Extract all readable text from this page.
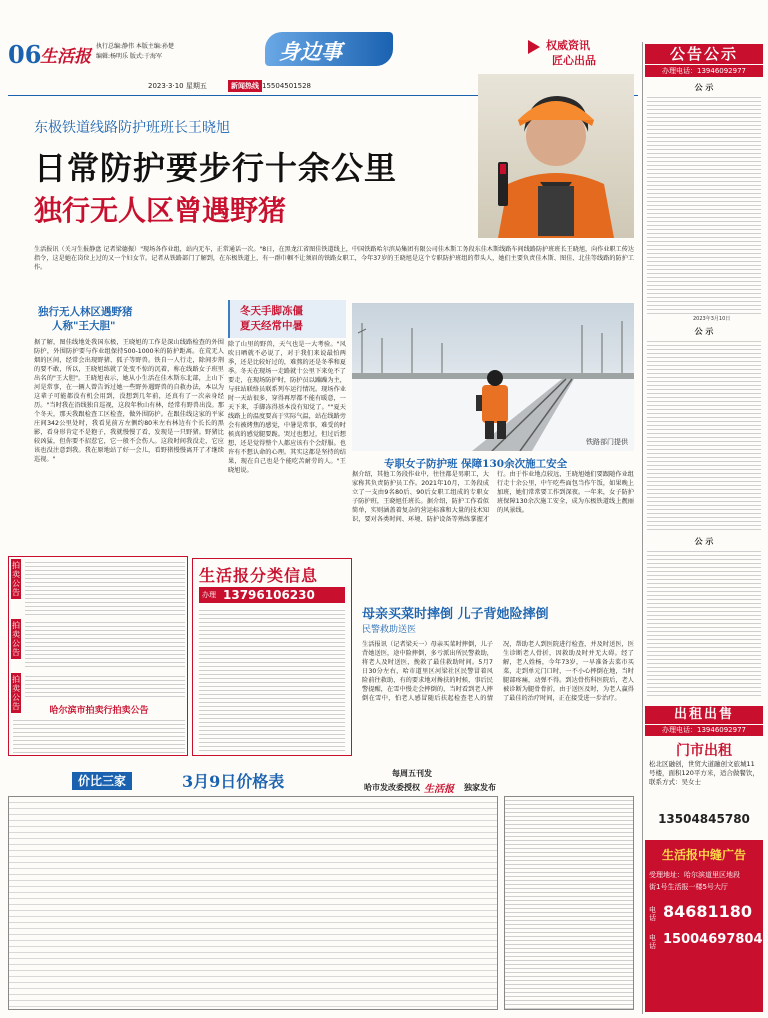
06
生活报
执行总编:静伟 本版主编:孙楚
编辑:杨明乐 版式:于海军	身边事	权威资讯
匠心出品
2023·3·10 星期五	新闻热线 15504501528
东极铁道线路防护班班长王晓旭
日常防护要步行十余公里
独行无人区曾遇野猪
生活报讯（关习生报静盘 记者梁德振）"现场各作业组，站内无车，正常通话一次。"8日，在黑龙江省图佳铁道线上，中国铁路哈尔滨局集团有限公司佳木斯工务段东佳木斯线路车间线路防护班班长王晓旭，向作业职工传达指令，这是她在岗位上过的又一个妇女节。记者从铁路部门了解到，在东极铁道上，有一群巾帼不让须眉的铁路女职工，今年37岁的王晓旭是这个专职防护班组的带头人，她们主要负责佳木斯、图佳、北佳等线路的防护工作。
独行无人林区遇野猪
人称"王大胆"
据了解，图佳线地处我国东极，王晓旭的工作是深山线路检查的外围防护，外围防护要与作业组保持500-1000米的防护距离。在荒无人烟的区间，经常会出现野猪、狐子等野兽。铁自一人行走，除间步荆的要不敢，所以，王晓旭练就了处变不惊的沉着，称在线路女子班里出名的"王大胆"。王晓旭表示，她从小生活在佳木斯东北部，上山下河是常事，在一辆人曾告诉过她一些野外遇野兽的自救办法，本以为这辈子可能都没有机会用到，没想到几年前，还真有了一次亲身经历。"当时我在沿线独自巡视，这段年秋山有林，经常有野兽出没。那个冬天，那天我跟检查工区检查，做外围防护。在跟佳线这家的平家庄间342公里处时，我看见前方左侧约80米左右林边有个长长的黑影，看身形肯定不是狍子，我就慢慢了看，发现是一只野猪。野猪比较凶猛，但你要不招惹它，它一般不会伤人。这段时间我没走，它应该也没注意到我。我在原地站了好一会儿，看野猪慢慢离开了才继续巡视。"
冬天手脚冻僵
夏天经常中暑
除了山里的野兽，天气也是一大考验。"风吹日晒就不必说了，对于我们来说最怕两季，还是比较好过的，难熬的还是冬季和夏季。冬天在现场一走路就十公里下来免不了要走，在现场防护时，防护员以躁躁为主，与驻站联络员联系列车运行情况。现场作业时一天站很多，穿得再厚都不能有暖意，一天下来，手脚冻得基本没有知觉了。""夏天线路上的温度要高于实际气温，站在线路旁会有被烤焦的感觉，中暑是常事，难受的时候真的感觉腿要跪。哭过也想过，但过后想想，还是觉得整个人都应该有个会舒服。也许有不想认命的心理。其实这都是坚持的结果，现在自己也是个能吃苦耐劳的人。"王晓旭说。
铁路部门提供
专职女子防护班 保障130余次施工安全
据介绍，其他工务段作业中，往往都是男职工，大家称其负责防护员工作。2021年10月，工务段成立了一支由9名80后、90后女职工组成的专职女子防护班，王晓旭任班长。据介绍，防护工作看似简单，实则涵盖着复杂的营运标准和大量的技术知识，要对各类时间、环境、防护设备等熟练掌握才行。由于作业地点较远，王晓旭她们要跟随作业组行走十余公里，中午吃些面包当作午饭，如果晚上加班，她们常常要工作到深夜。一年来，女子防护班保障130余次施工安全，成为东极铁道线上靓丽的风景线。
拍卖公告
拍卖公告
拍卖公告	哈尔滨市拍卖行拍卖公告
生活报分类信息
办理 13796106230
母亲买菜时摔倒 儿子背她险摔倒
民警救助送医
生活报讯（记者梁天一）母亲买菜时摔倒，儿子背她送医，途中险摔倒，多亏派出所民警救助，将老人及时送医，挽救了最佳救助时间。5月7日30分左右，哈市道里区河梁社区民警冒着风险前往救助，有的要求地对搀扶的时候，事后民警提醒，在雪中慢走会摔倒的，当时看到老人摔倒在雪中，怕老人感冒随后扶起检查老人的情况，帮助老人到医院进行检查，并及时送医，医生诊断老人骨折，因救助及时并无大碍。经了解，老人姓杨，今年73岁，一早准备去菜市买菜，走到单元门口时，一不小心摔倒在地，当时腿部疼痛，动弹不得。到达骨伤科医院后，老人被诊断为腿骨骨折，由于送医及时，为老人赢得了最佳的治疗时间，正在接受进一步治疗。
价比三家	3月9日价格表	每周五刊发
哈市发改委授权 生活报 独家发布
公告公示
办理电话：13946092977
公 示
2023年3月10日
公 示
公 示
出租出售
办理电话：13946092977
门市出租
松北区融创，世贸大道融创文旅城11号楼，面积120平方米，适合做餐饮，联系方式：吴女士
13504845780
生活报中缝广告
受理地址：哈尔滨道里区地段
街1号生活报一楼5号大厅
电话 84681180
电话 15004697804
